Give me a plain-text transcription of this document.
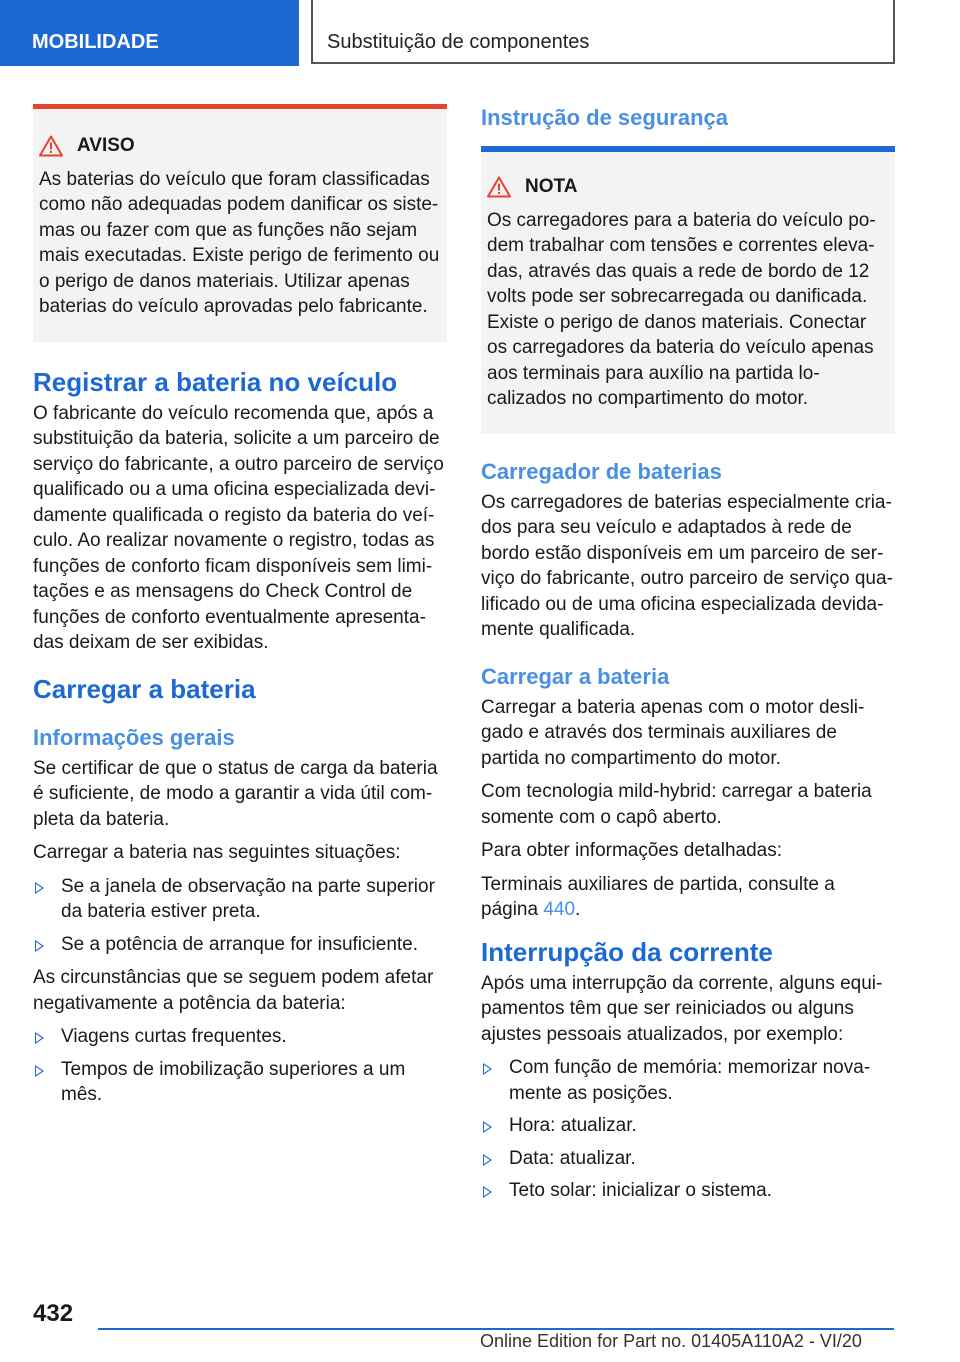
MOBILIDADE	Substituição de componentes
AVISO

As baterias do veículo que foram classificadas como não adequadas podem danificar os sistemas ou fazer com que as funções não sejam mais executadas. Existe perigo de ferimento ou o perigo de danos materiais. Utilizar apenas baterias do veículo aprovadas pelo fabricante.

Registrar a bateria no veículo

O fabricante do veículo recomenda que, após a substituição da bateria, solicite a um parceiro de serviço do fabricante, a outro parceiro de serviço qualificado ou a uma oficina especializada devidamente qualificada o registo da bateria do veículo. Ao realizar novamente o registro, todas as funções de conforto ficam disponíveis sem limitações e as mensagens do Check Control de funções de conforto eventualmente apresentadas deixam de ser exibidas.

Carregar a bateria
Informações gerais

Se certificar de que o status de carga da bateria é suficiente, de modo a garantir a vida útil completa da bateria.

Carregar a bateria nas seguintes situações:

Se a janela de observação na parte superior da bateria estiver preta.
Se a potência de arranque for insuficiente.

As circunstâncias que se seguem podem afetar negativamente a potência da bateria:

Viagens curtas frequentes.
Tempos de imobilização superiores a um mês.
Instrução de segurança
NOTA

Os carregadores para a bateria do veículo podem trabalhar com tensões e correntes elevadas, através das quais a rede de bordo de 12 volts pode ser sobrecarregada ou danificada. Existe o perigo de danos materiais. Conectar os carregadores da bateria do veículo apenas aos terminais para auxílio na partida localizados no compartimento do motor.

Carregador de baterias

Os carregadores de baterias especialmente criados para seu veículo e adaptados à rede de bordo estão disponíveis em um parceiro de serviço do fabricante, outro parceiro de serviço qualificado ou de uma oficina especializada devidamente qualificada.

Carregar a bateria

Carregar a bateria apenas com o motor desligado e através dos terminais auxiliares de partida no compartimento do motor.

Com tecnologia mild-hybrid: carregar a bateria somente com o capô aberto.

Para obter informações detalhadas:

Terminais auxiliares de partida, consulte a página 440.

Interrupção da corrente

Após uma interrupção da corrente, alguns equipamentos têm que ser reiniciados ou alguns ajustes pessoais atualizados, por exemplo:

Com função de memória: memorizar novamente as posições.
Hora: atualizar.
Data: atualizar.
Teto solar: inicializar o sistema.
432
Online Edition for Part no. 01405A110A2 - VI/20
